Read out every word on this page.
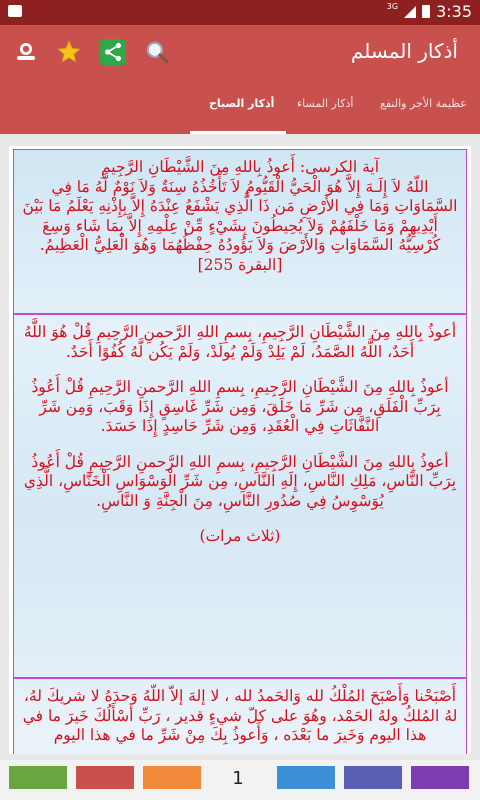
3G 3:35
أذكار المسلم
أذكار الصباح أذكار المساء عظيمة الأجر والنفع
آية الكرسى: أَعوذُ بِاللهِ مِنَ الشَّيْطَانِ الرَّجِيمِ
اللّهُ لاَ إِلَـهَ إِلاَّ هُوَ الْحَيُّ الْقَيُّومُ لاَ تَأْخُذُهُ سِنَةٌ وَلاَ نَوْمٌ لَّهُ مَا فِي السَّمَاوَاتِ وَمَا فِي الأَرْضِ مَن ذَا الَّذِي يَشْفَعُ عِنْدَهُ إِلاَّ بِإِذْنِهِ يَعْلَمُ مَا بَيْنَ أَيْدِيهِمْ وَمَا خَلْفَهُمْ وَلاَ يُحِيطُونَ بِشَيْءٍ مِّنْ عِلْمِهِ إِلاَّ بِمَا شَاء وَسِعَ كُرْسِيُّهُ السَّمَاوَاتِ وَالأَرْضَ وَلاَ يَؤُودُهُ حِفْظُهُمَا وَهُوَ الْعَلِيُّ الْعَظِيمُ. [البقرة 255]

أعوذُ بِاللهِ مِنَ الشَّيْطَانِ الرَّجِيمِ، بِسمِ اللهِ الرَّحمنِ الرَّحِيمِ قُلْ هُوَ اللَّهُ أَحَدٌ، اللَّهُ الصَّمَدُ، لَمْ يَلِدْ وَلَمْ يُولَدْ، وَلَمْ يَكُن لَّهُ كُفُوًا أَحَدٌ.

أعوذُ بِاللهِ مِنَ الشَّيْطَانِ الرَّجِيمِ، بِسمِ اللهِ الرَّحمنِ الرَّحِيمِ قُلْ أَعُوذُ بِرَبِّ الْفَلَقِ، مِن شَرِّ مَا خَلَقَ، وَمِن شَرِّ غَاسِقٍ إِذَا وَقَبَ، وَمِن شَرِّ النَّفَّاثَاتِ فِي الْعُقَدِ، وَمِن شَرِّ حَاسِدٍ إِذَا حَسَدَ.

أعوذُ بِاللهِ مِنَ الشَّيْطَانِ الرَّجِيمِ، بِسمِ اللهِ الرَّحمنِ الرَّحِيمِ قُلْ أَعُوذُ بِرَبِّ النَّاسِ، مَلِكِ النَّاسِ، إِلَهِ النَّاسِ، مِن شَرِّ الْوَسْوَاسِ الْخَنَّاسِ، الَّذِي يُوَسْوِسُ فِي صُدُورِ النَّاسِ، مِنَ الْجِنَّةِ وَ النَّاسِ.

(ثلاث مرات)

أَصْبَحْنا وَأَصْبَحَ المُلْكُ لله وَالحَمدُ لله ، لا إلهَ إلاّ اللّهُ وَحدَهُ لا شريكَ لهُ، لهُ المُلكُ ولهُ الحَمْد، وهُوَ على كلّ شيءٍ قدير ، رَبِّ أسْأَلُكَ خَيرَ ما في هذا اليوم وَخَيرَ ما بَعْدَه ، وَأَعوذُ بِكَ مِنْ شَرِّ ما في هذا اليوم
1
